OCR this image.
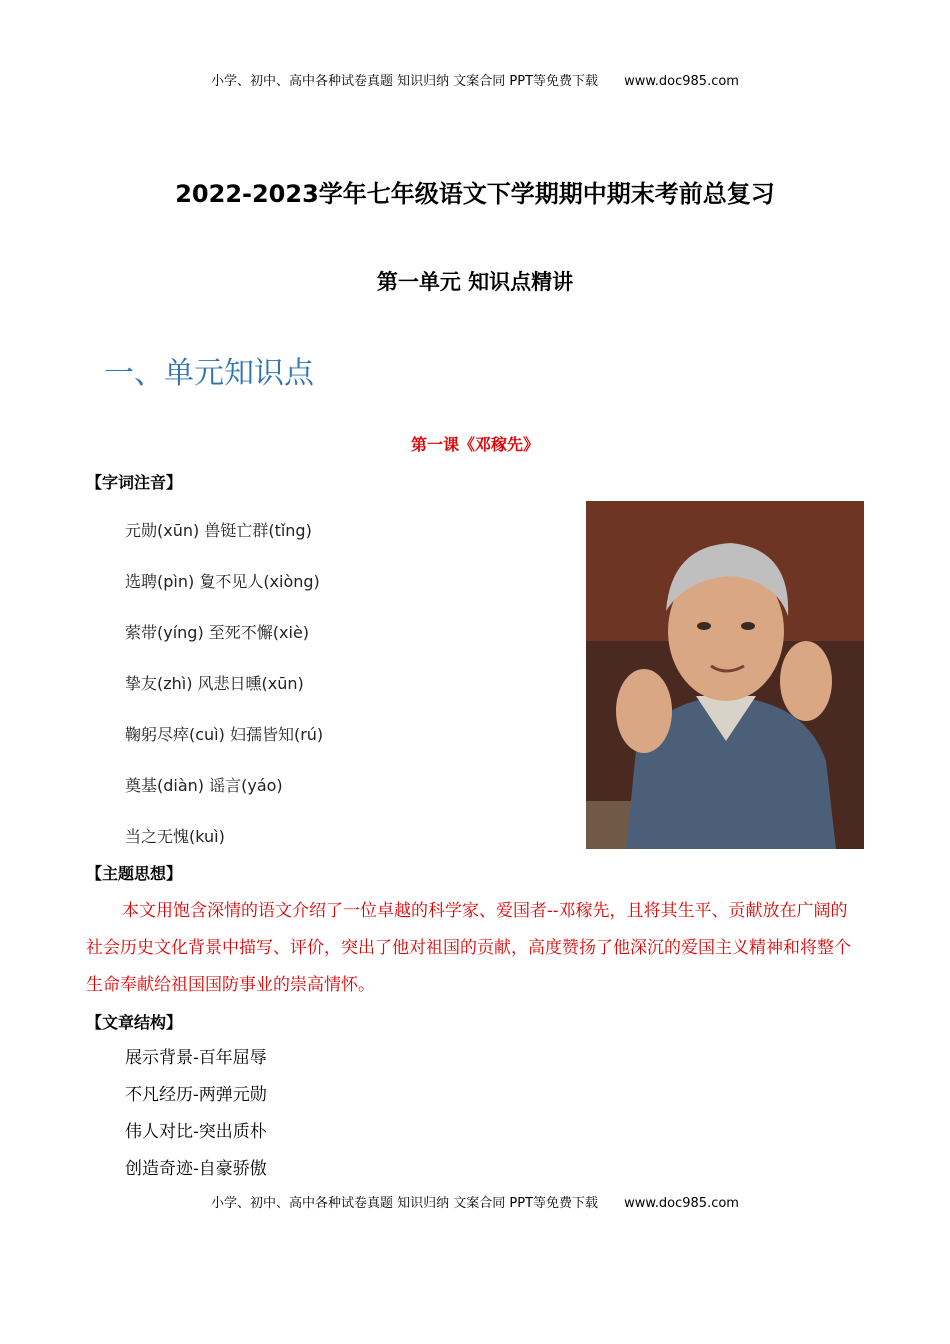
小学、初中、高中各种试卷真题 知识归纳 文案合同 PPT等免费下载 www.doc985.com
2022-2023学年七年级语文下学期期中期末考前总复习
第一单元 知识点精讲
一、单元知识点
第一课《邓稼先》
【字词注音】
元勋(xūn) 兽铤亡群(tǐng)
选聘(pìn) 夐不见人(xiòng)
萦带(yíng) 至死不懈(xiè)
挚友(zhì) 风悲日曛(xūn)
鞠躬尽瘁(cuì) 妇孺皆知(rú)
奠基(diàn) 谣言(yáo)
当之无愧(kuì)
【主题思想】

本文用饱含深情的语文介绍了一位卓越的科学家、爱国者--邓稼先，且将其生平、贡献放在广阔的社会历史文化背景中描写、评价，突出了他对祖国的贡献，高度赞扬了他深沉的爱国主义精神和将整个生命奉献给祖国国防事业的崇高情怀。

【文章结构】
展示背景-百年屈辱
不凡经历-两弹元勋
伟人对比-突出质朴
创造奇迹-自豪骄傲
小学、初中、高中各种试卷真题 知识归纳 文案合同 PPT等免费下载 www.doc985.com
